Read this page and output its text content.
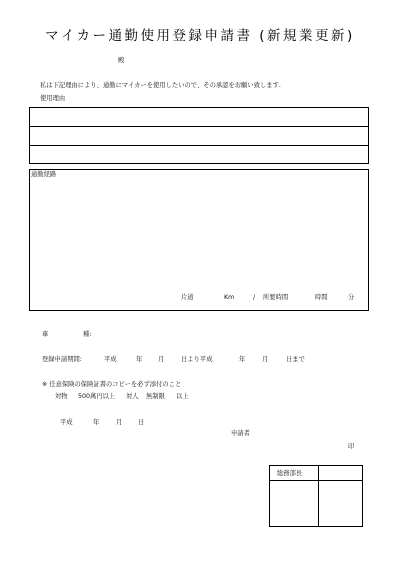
マイカー通勤使用登録申請書 (新規業更新)
殿
私は下記理由により、通勤にマイカーを使用したいので、その承認をお願い致します.
使用理由
通勤経路
片道	Km	/ 所要時間	時間	分
車	種:
登録申請期間:	平成	年 月	日より平成	年	月	日まで
※ 任意保険の保険証書のコピーを必ず添付のこと
対物 500萬円以上 対人 無制限 以上
平成	年	月 日
申請者
印
総務部長
